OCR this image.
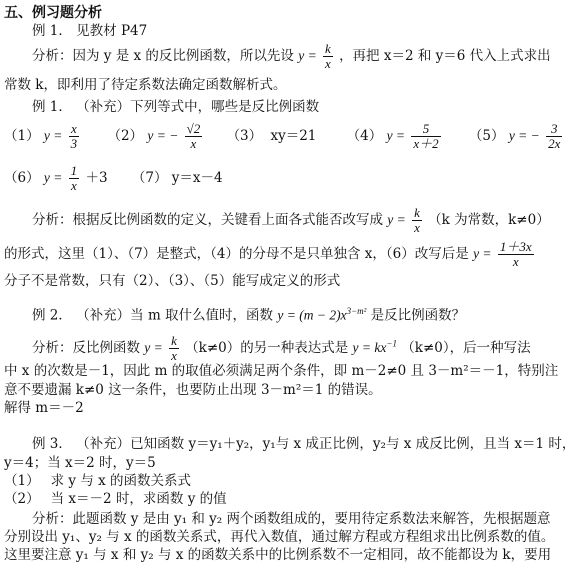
五、例习题分析
例 1． 见教材 P47
分析：因为 y 是 x 的反比例函数，所以先设 $y = \frac{k}{x}$ ，再把 x＝2 和 y＝6 代入上式求出
常数 k，即利用了待定系数法确定函数解析式。
例 1． （补充）下列等式中，哪些是反比例函数
（1） $y = \frac{x}{3} (2) y$ = − $\frac{√2}{x} (3)$ xy＝21 （4） $y = \frac{5}{x+2} (5) y$ = − $\frac{3}{2x}$
（6） $y = \frac{1}{x} +3$ （7） y＝x－4
分析：根据反比例函数的定义，关键看上面各式能否改写成 $y = \frac{k}{x} (k$ 为常数，k≠0）
的形式，这里（1）、（7）是整式，（4）的分母不是只单独含 x，（6）改写后是 $y = \frac{1+3x}{x}$
分子不是常数，只有（2）、（3）、（5）能写成定义的形式
例 2． （补充）当 m 取什么值时，函数 $y = (m - 2)x^{3-m^2}$ 是反比例函数？
分析：反比例函数 $y = \frac{k}{x} (k\ne 0)$的另一种表达式是 $y = kx^{-1}$ （k≠0），后一种写法
中 x 的次数是－1，因此 m 的取值必须满足两个条件，即 m－2≠0 且 3－m²＝－1，特别注
意不要遗漏 k≠0 这一条件，也要防止出现 3－m²＝1 的错误。
解得 m＝－2
例 3． （补充）已知函数 y＝y₁＋y₂，y₁与 x 成正比例，y₂与 x 成反比例，且当 x＝1 时，
y＝4；当 x＝2 时，y＝5
（1）　 求 y 与 x 的函数关系式
（2）　 当 x＝－2 时，求函数 y 的值
分析：此题函数 y 是由 y₁ 和 y₂ 两个函数组成的，要用待定系数法来解答，先根据题意
分别设出 y₁、y₂ 与 x 的函数关系式，再代入数值，通过解方程或方程组求出比例系数的值。
这里要注意 y₁ 与 x 和 y₂ 与 x 的函数关系中的比例系数不一定相同，故不能都设为 k，要用
